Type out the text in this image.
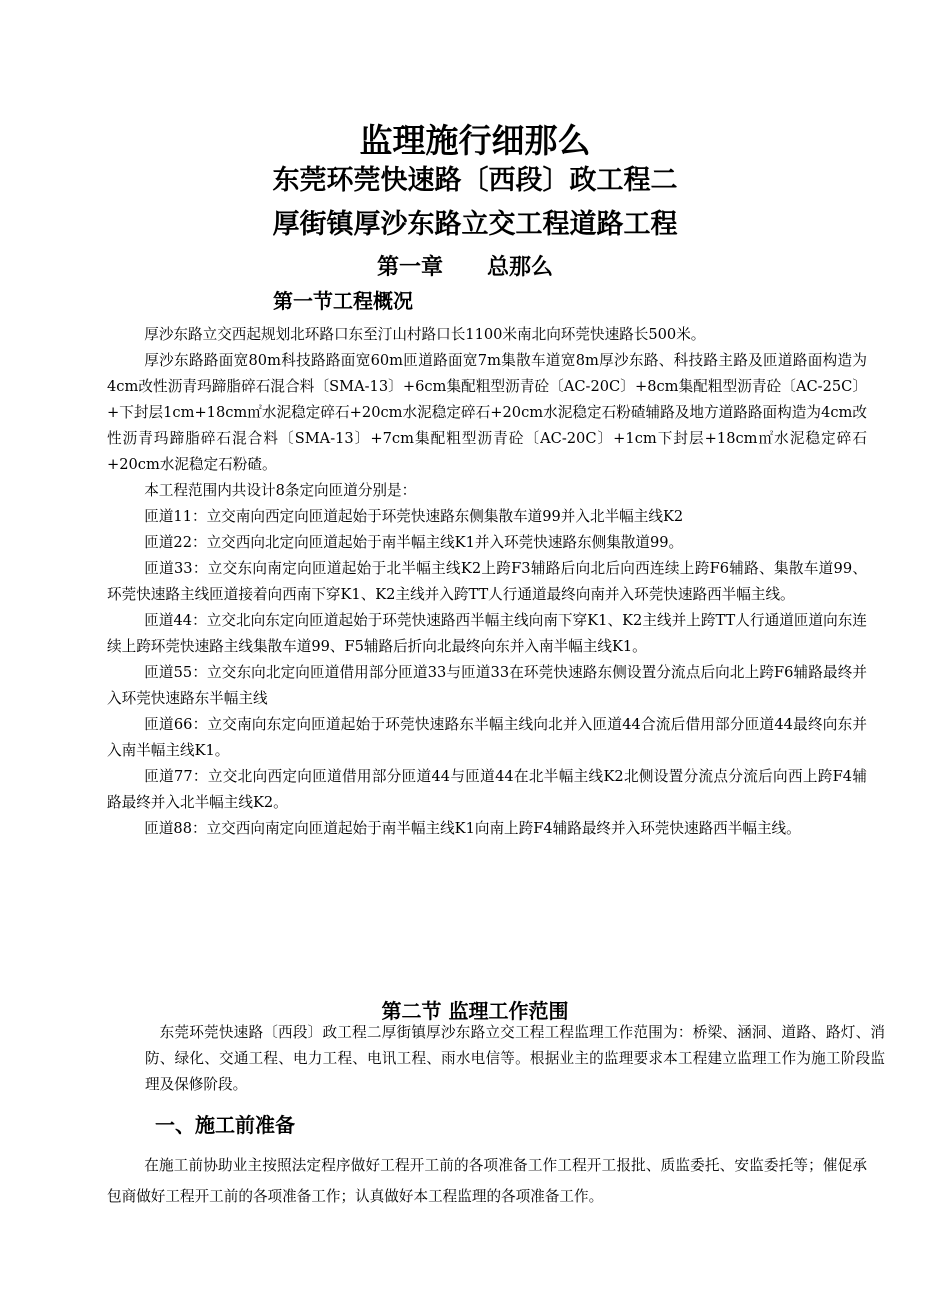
监理施行细那么
东莞环莞快速路〔西段〕政工程二
厚街镇厚沙东路立交工程道路工程
第一章　　总那么
第一节工程概况

厚沙东路立交西起规划北环路口东至汀山村路口长1100米南北向环莞快速路长500米。

厚沙东路路面宽80m科技路路面宽60m匝道路面宽7m集散车道宽8m厚沙东路、科技路主路及匝道路面构造为4cm改性沥青玛蹄脂碎石混合料〔SMA-13〕+6cm集配粗型沥青砼〔AC-20C〕+8cm集配粗型沥青砼〔AC-25C〕+下封层1cm+18cm㎡水泥稳定碎石+20cm水泥稳定碎石+20cm水泥稳定石粉碴辅路及地方道路路面构造为4cm改性沥青玛蹄脂碎石混合料〔SMA-13〕+7cm集配粗型沥青砼〔AC-20C〕+1cm下封层+18cm㎡水泥稳定碎石+20cm水泥稳定石粉碴。

本工程范围内共设计8条定向匝道分别是：

匝道11：立交南向西定向匝道起始于环莞快速路东侧集散车道99并入北半幅主线K2

匝道22：立交西向北定向匝道起始于南半幅主线K1并入环莞快速路东侧集散道99。

匝道33：立交东向南定向匝道起始于北半幅主线K2上跨F3辅路后向北后向西连续上跨F6辅路、集散车道99、环莞快速路主线匝道接着向西南下穿K1、K2主线并入跨TT人行通道最终向南并入环莞快速路西半幅主线。

匝道44：立交北向东定向匝道起始于环莞快速路西半幅主线向南下穿K1、K2主线并上跨TT人行通道匝道向东连续上跨环莞快速路主线集散车道99、F5辅路后折向北最终向东并入南半幅主线K1。

匝道55：立交东向北定向匝道借用部分匝道33与匝道33在环莞快速路东侧设置分流点后向北上跨F6辅路最终并入环莞快速路东半幅主线

匝道66：立交南向东定向匝道起始于环莞快速路东半幅主线向北并入匝道44合流后借用部分匝道44最终向东并入南半幅主线K1。

匝道77：立交北向西定向匝道借用部分匝道44与匝道44在北半幅主线K2北侧设置分流点分流后向西上跨F4辅路最终并入北半幅主线K2。

匝道88：立交西向南定向匝道起始于南半幅主线K1向南上跨F4辅路最终并入环莞快速路西半幅主线。

第二节 监理工作范围

东莞环莞快速路〔西段〕政工程二厚街镇厚沙东路立交工程工程监理工作范围为：桥梁、涵洞、道路、路灯、消防、绿化、交通工程、电力工程、电讯工程、雨水电信等。根据业主的监理要求本工程建立监理工作为施工阶段监理及保修阶段。

一、施工前准备

在施工前协助业主按照法定程序做好工程开工前的各项准备工作工程开工报批、质监委托、安监委托等；催促承包商做好工程开工前的各项准备工作；认真做好本工程监理的各项准备工作。
